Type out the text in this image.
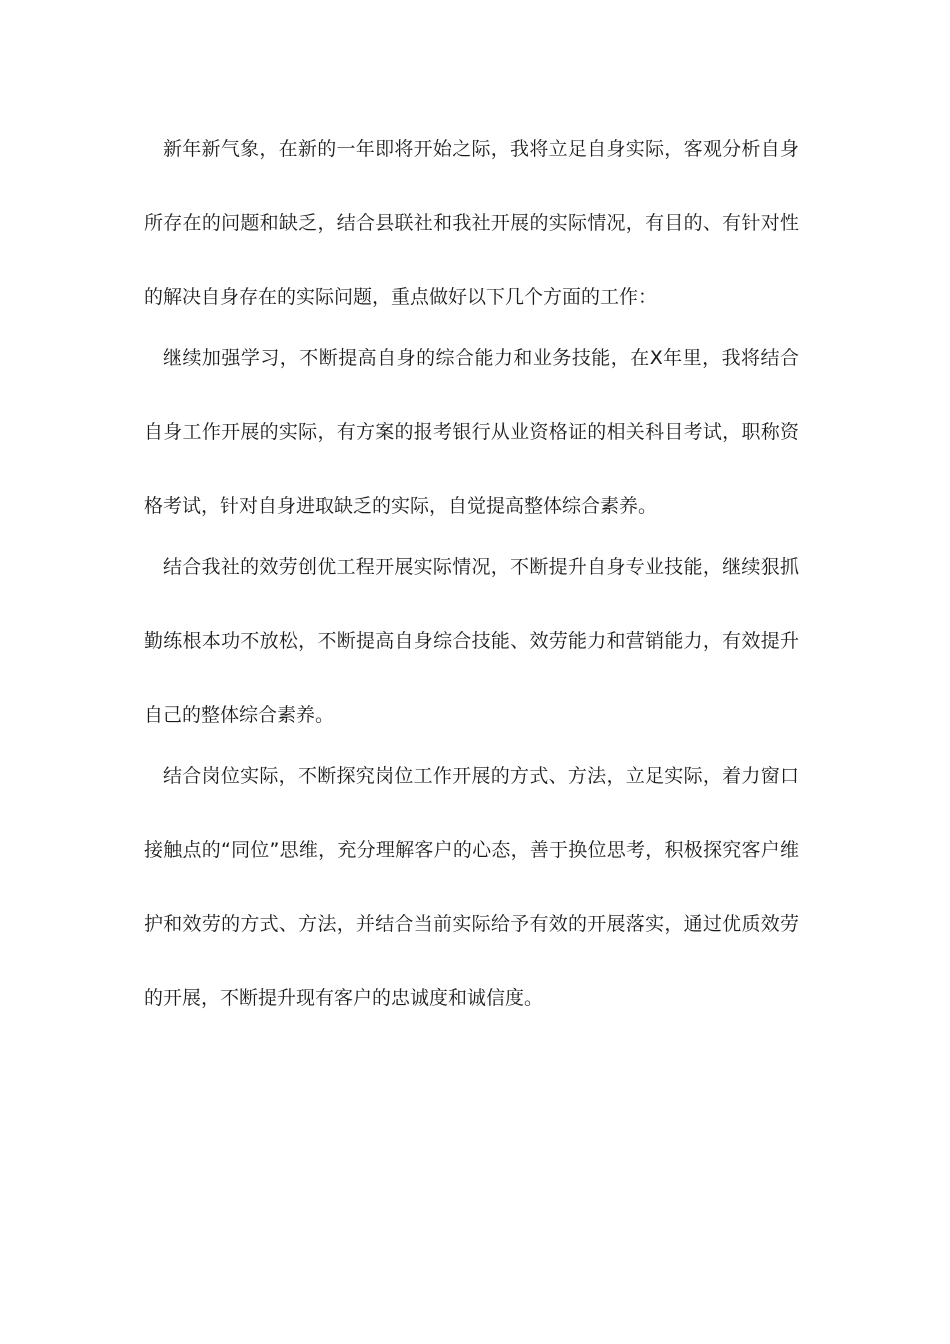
新年新气象，在新的一年即将开始之际，我将立足自身实际，客观分析自身所存在的问题和缺乏，结合县联社和我社开展的实际情况，有目的、有针对性的解决自身存在的实际问题，重点做好以下几个方面的工作：

继续加强学习，不断提高自身的综合能力和业务技能，在X年里，我将结合自身工作开展的实际，有方案的报考银行从业资格证的相关科目考试，职称资格考试，针对自身进取缺乏的实际，自觉提高整体综合素养。

结合我社的效劳创优工程开展实际情况，不断提升自身专业技能，继续狠抓勤练根本功不放松，不断提高自身综合技能、效劳能力和营销能力，有效提升自己的整体综合素养。

结合岗位实际，不断探究岗位工作开展的方式、方法，立足实际，着力窗口接触点的“同位”思维，充分理解客户的心态，善于换位思考，积极探究客户维护和效劳的方式、方法，并结合当前实际给予有效的开展落实，通过优质效劳的开展，不断提升现有客户的忠诚度和诚信度。
